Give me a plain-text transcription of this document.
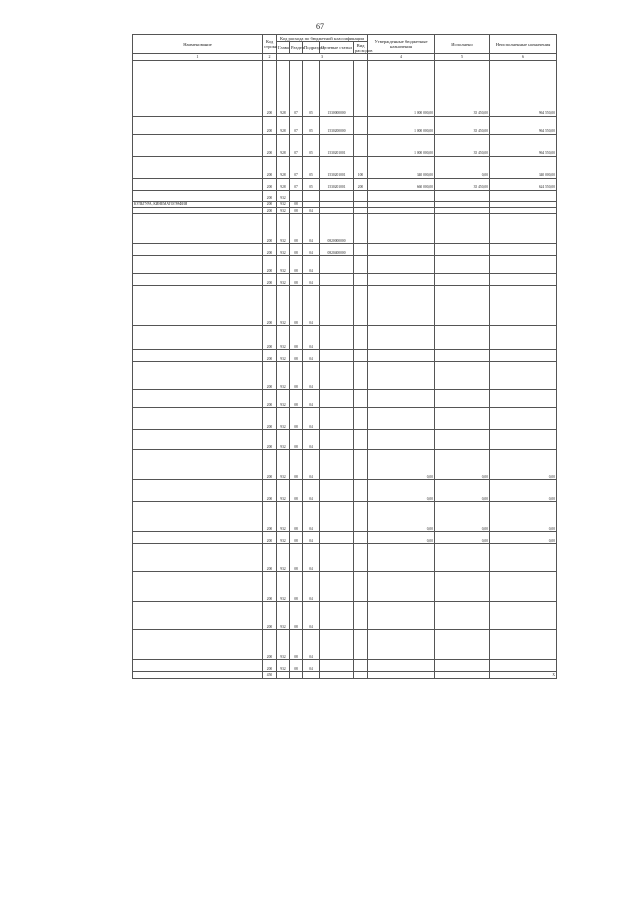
67
Наименование	Код строки	Код расхода по бюджетной классификации					Утвержденные бюджетные назначения	Исполнено	Неисполненные назначения
		Глава	Раздел	Подраздел	Целевые статьи	Вид расходов			
1	2	3					4	5	6
	200	928	07	05	1530000000		1 000 000,00	35 450,00	964 550,00
	200	928	07	05	1530200000		1 000 000,00	35 450,00	964 550,00
	200	928	07	05	1530201001		1 000 000,00	35 450,00	964 550,00
	200	928	07	05	1530201001	100	340 000,00	0,00	340 000,00
	200	928	07	05	1530201001	200	660 000,00	35 450,00	624 550,00
	200	932							
КУЛЬТУРА, КИНЕМАТОГРАФИЯ	200	932	08						
	200	932	08	04					
	200	932	08	04	0820000000				
	200	932	08	04	0820400000				
	200	932	08	04					
	200	932	08	04					
	200	932	08	04					
	200	932	08	04					
	200	932	08	04					
	200	932	08	04					
	200	932	08	04					
	200	932	08	04					
	200	932	08	04					
	200	932	08	04			0,00	0,00	0,00
	200	932	08	04			0,00	0,00	0,00
	200	932	08	04			0,00	0,00	0,00
	200	932	08	04			0,00	0,00	0,00
	200	932	08	04					
	200	932	08	04					
	200	932	08	04					
	200	932	08	04					
	200	932	08	04					
	450								X
